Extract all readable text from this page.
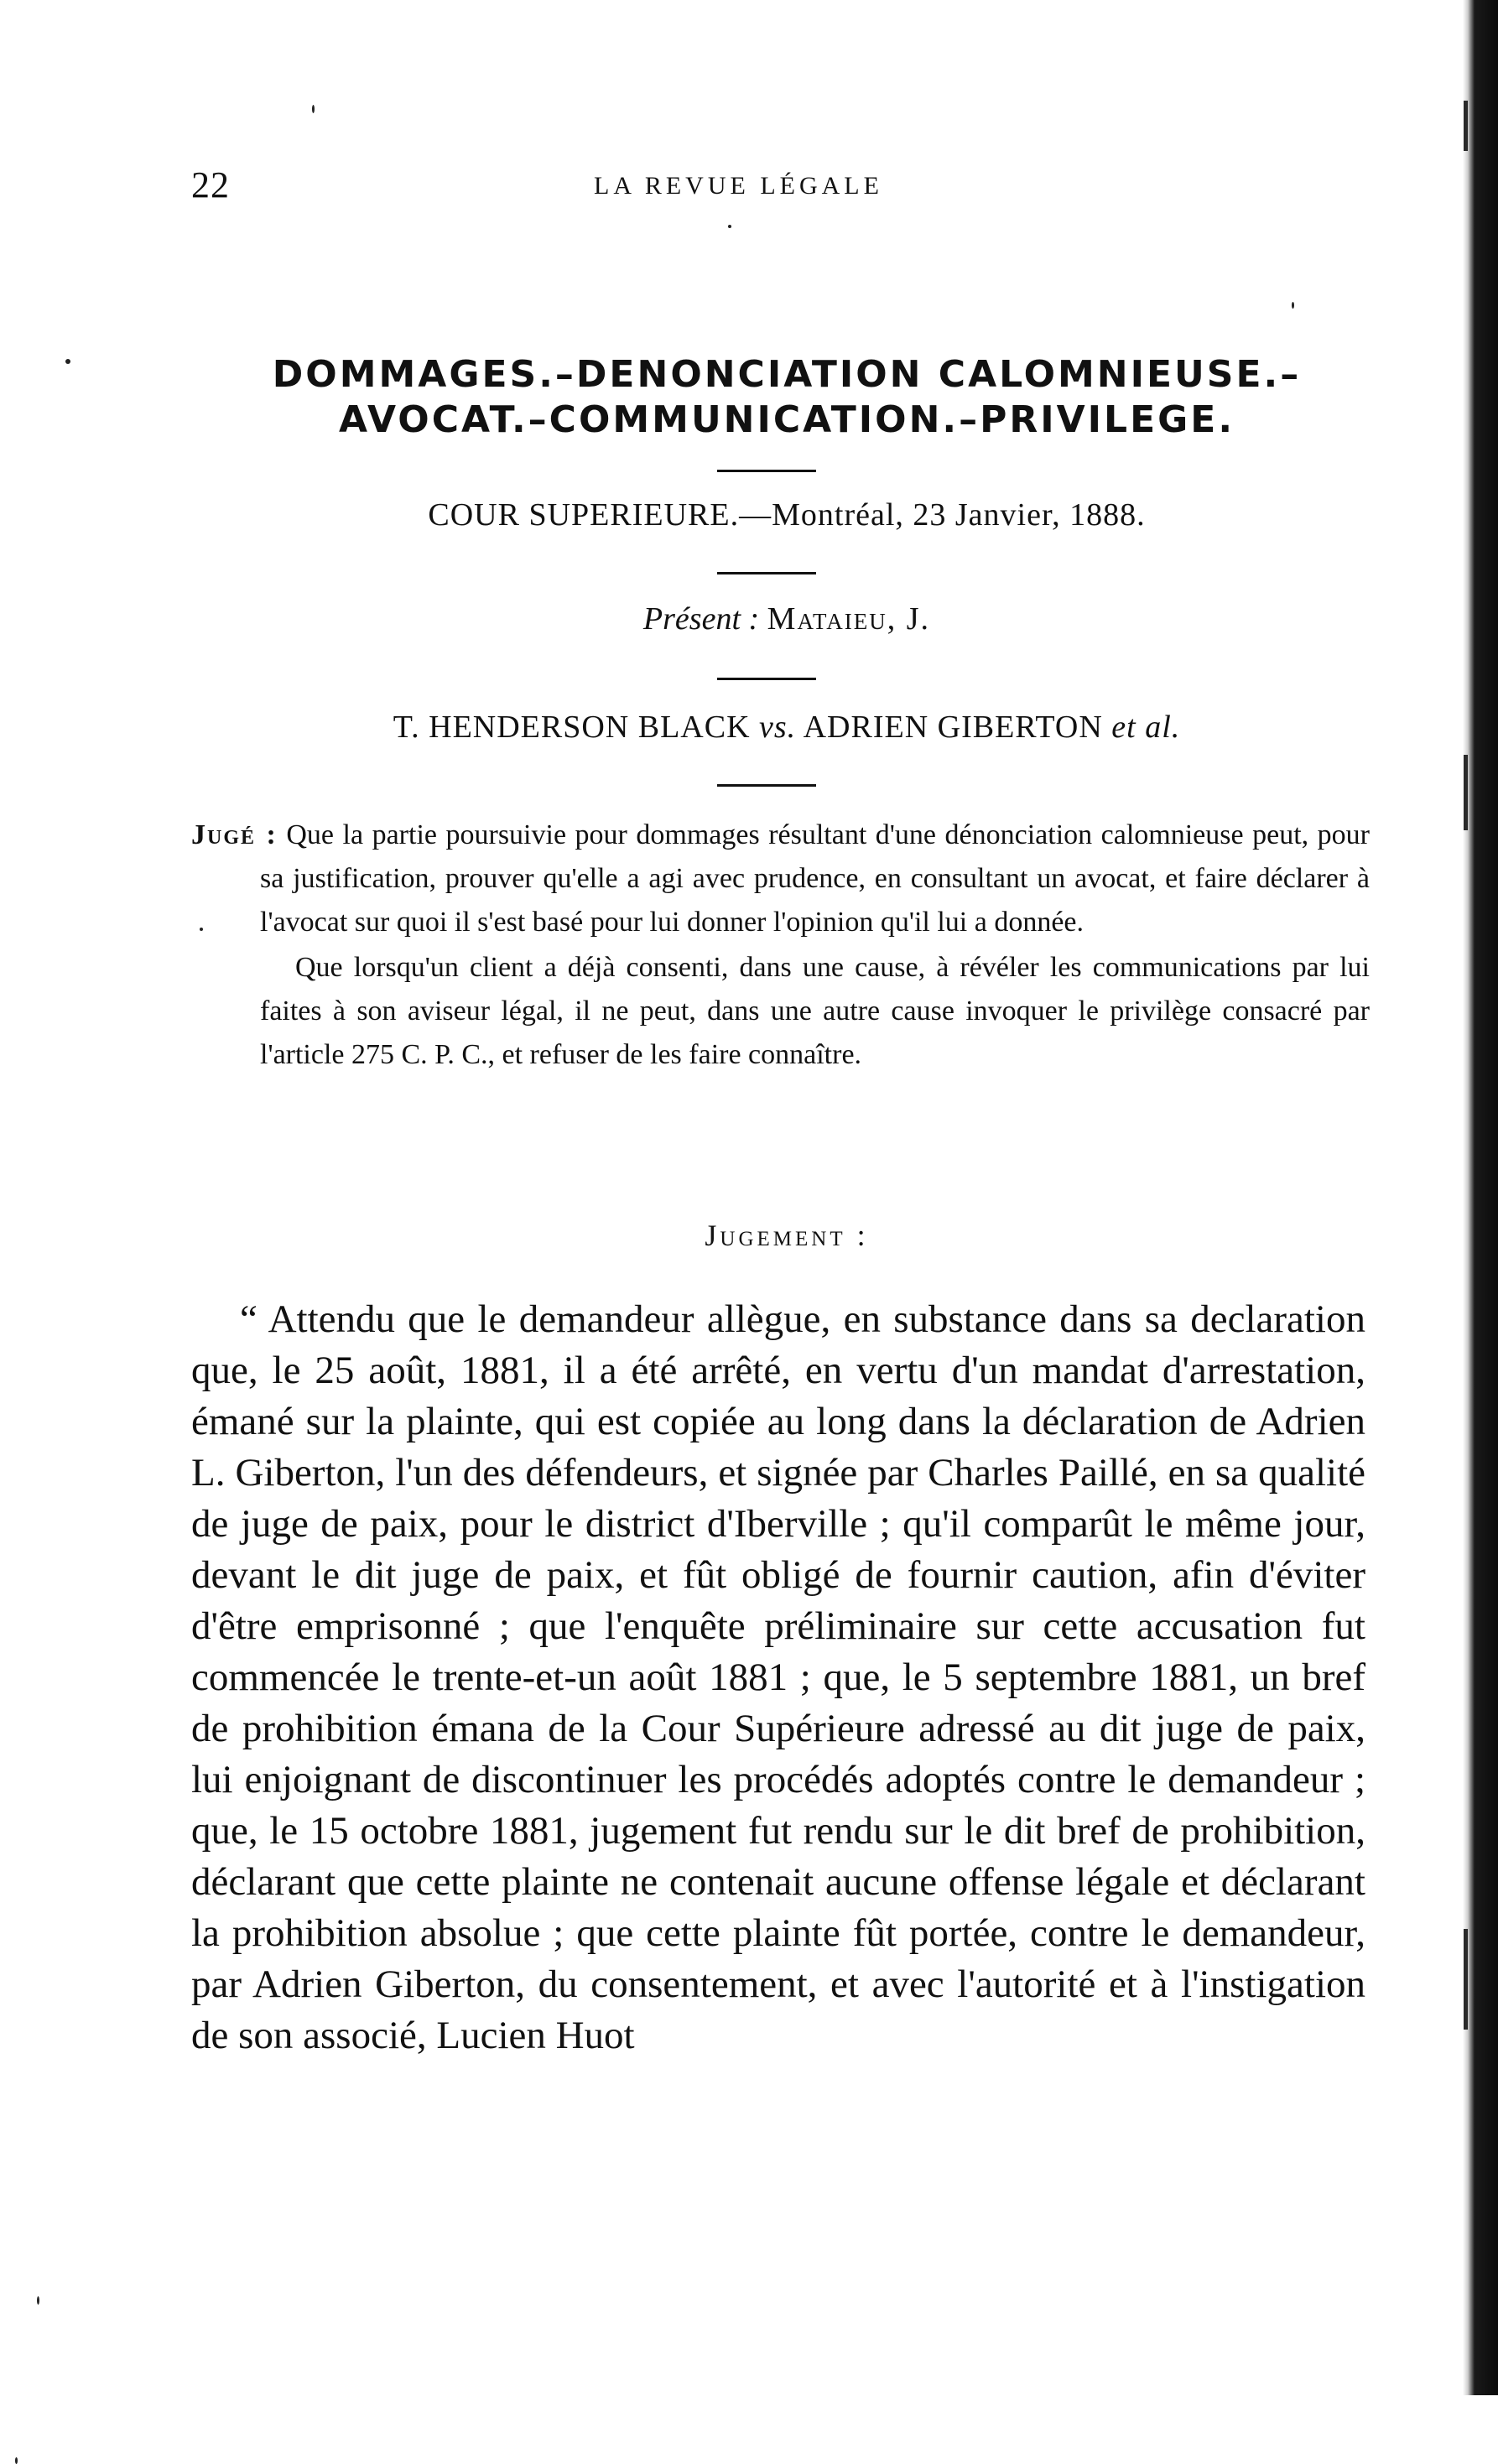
22	LA REVUE LÉGALE
DOMMAGES.–DENONCIATION CALOMNIEUSE.–
AVOCAT.–COMMUNICATION.–PRIVILEGE.
COUR SUPERIEURE.—Montréal, 23 Janvier, 1888.
Présent : Mataieu, J.
T. HENDERSON BLACK vs. ADRIEN GIBERTON et al.

Jugé : Que la partie poursuivie pour dommages résultant d'une dénonciation calomnieuse peut, pour sa justification, prouver qu'elle a agi avec prudence, en consultant un avocat, et faire déclarer à l'avocat sur quoi il s'est basé pour lui donner l'opinion qu'il lui a donnée.

Que lorsqu'un client a déjà consenti, dans une cause, à révéler les communications par lui faites à son aviseur légal, il ne peut, dans une autre cause invoquer le privilège consacré par l'article 275 C. P. C., et refuser de les faire connaître.

Jugement :

“ Attendu que le demandeur allègue, en substance dans sa declaration que, le 25 août, 1881, il a été arrêté, en vertu d'un mandat d'arrestation, émané sur la plainte, qui est copiée au long dans la déclaration de Adrien L. Giberton, l'un des défendeurs, et signée par Charles Paillé, en sa qualité de juge de paix, pour le district d'Iberville ; qu'il comparût le même jour, devant le dit juge de paix, et fût obligé de fournir caution, afin d'éviter d'être emprisonné ; que l'enquête préliminaire sur cette accusation fut commencée le trente-et-un août 1881 ; que, le 5 septembre 1881, un bref de prohibition émana de la Cour Supérieure adressé au dit juge de paix, lui enjoignant de discontinuer les procédés adoptés contre le demandeur ; que, le 15 octobre 1881, jugement fut rendu sur le dit bref de prohibition, déclarant que cette plainte ne contenait aucune offense légale et déclarant la prohibition absolue ; que cette plainte fût portée, contre le demandeur, par Adrien Giberton, du consentement, et avec l'autorité et à l'instigation de son associé, Lucien Huot
